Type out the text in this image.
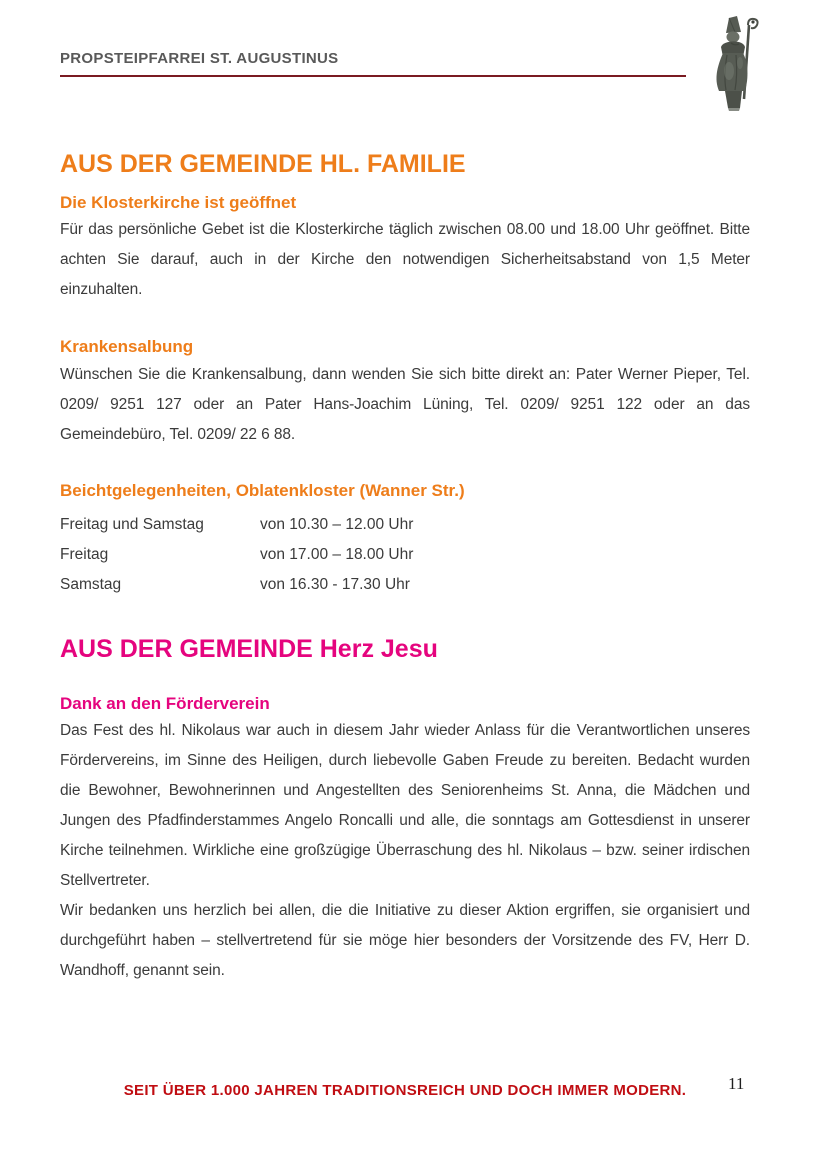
PROPSTEIPFARREI ST. AUGUSTINUS
AUS DER GEMEINDE HL. FAMILIE
Die Klosterkirche ist geöffnet

Für das persönliche Gebet ist die Klosterkirche täglich zwischen 08.00 und 18.00 Uhr geöffnet. Bitte achten Sie darauf, auch in der Kirche den notwendigen Sicherheitsabstand von 1,5 Meter einzuhalten.

Krankensalbung

Wünschen Sie die Krankensalbung, dann wenden Sie sich bitte direkt an: Pater Werner Pieper, Tel. 0209/ 9251 127 oder an Pater Hans-Joachim Lüning, Tel. 0209/ 9251 122 oder an das Gemeindebüro, Tel. 0209/ 22 6 88.

Beichtgelegenheiten, Oblatenkloster (Wanner Str.)
Freitag und Samstag	von 10.30 – 12.00 Uhr
Freitag	von 17.00 – 18.00 Uhr
Samstag	von 16.30 - 17.30 Uhr
AUS DER GEMEINDE Herz Jesu
Dank an den Förderverein

Das Fest des hl. Nikolaus war auch in diesem Jahr wieder Anlass für die Verantwortlichen unseres Fördervereins, im Sinne des Heiligen, durch liebevolle Gaben Freude zu bereiten. Bedacht wurden die Bewohner, Bewohnerinnen und Angestellten des Seniorenheims St. Anna, die Mädchen und Jungen des Pfadfinderstammes Angelo Roncalli und alle, die sonntags am Gottesdienst in unserer Kirche teilnehmen. Wirkliche eine großzügige Überraschung des hl. Nikolaus – bzw. seiner irdischen Stellvertreter.

Wir bedanken uns herzlich bei allen, die die Initiative zu dieser Aktion ergriffen, sie organisiert und durchgeführt haben – stellvertretend für sie möge hier besonders der Vorsitzende des FV, Herr D. Wandhoff, genannt sein.

SEIT ÜBER 1.000 JAHREN TRADITIONSREICH UND DOCH IMMER MODERN.	11
